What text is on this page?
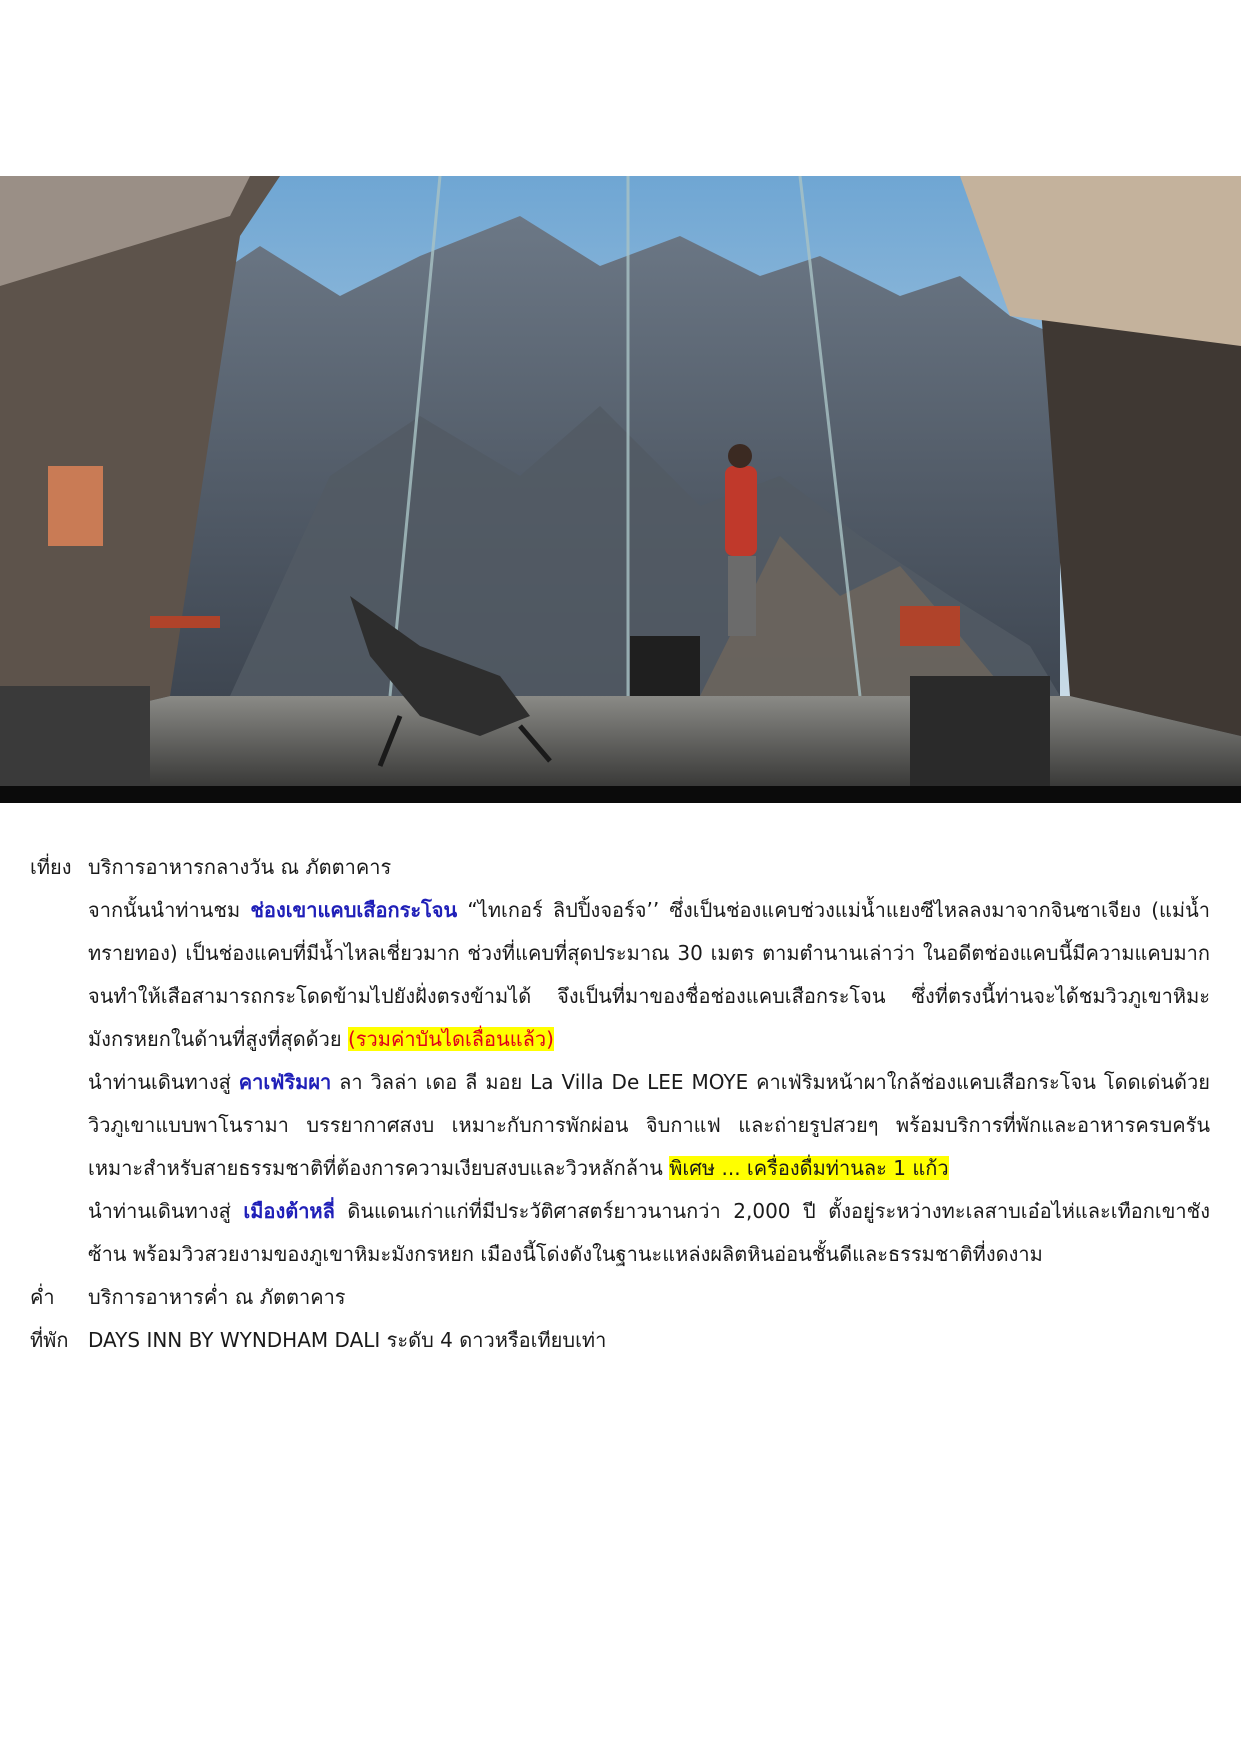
เที่ยง บริการอาหารกลางวัน ณ ภัตตาคาร
จากนั้นนำท่านชม ช่องเขาแคบเสือกระโจน “ไทเกอร์ ลิปปิ้งจอร์จ’’ ซึ่งเป็นช่องแคบช่วงแม่น้ำแยงซีไหลลงมาจากจินซาเจียง (แม่น้ำทรายทอง) เป็นช่องแคบที่มีน้ำไหลเชี่ยวมาก ช่วงที่แคบที่สุดประมาณ 30 เมตร ตามตำนานเล่าว่า ในอดีตช่องแคบนี้มีความแคบมาก จนทำให้เสือสามารถกระโดดข้ามไปยังฝั่งตรงข้ามได้ จึงเป็นที่มาของชื่อช่องแคบเสือกระโจน ซึ่งที่ตรงนี้ท่านจะได้ชมวิวภูเขาหิมะมังกรหยกในด้านที่สูงที่สุดด้วย (รวมค่าบันไดเลื่อนแล้ว)
นำท่านเดินทางสู่ คาเฟ่ริมผา ลา วิลล่า เดอ ลี มอย La Villa De LEE MOYE คาเฟ่ริมหน้าผาใกล้ช่องแคบเสือกระโจน โดดเด่นด้วยวิวภูเขาแบบพาโนรามา บรรยากาศสงบ เหมาะกับการพักผ่อน จิบกาแฟ และถ่ายรูปสวยๆ พร้อมบริการที่พักและอาหารครบครัน เหมาะสำหรับสายธรรมชาติที่ต้องการความเงียบสงบและวิวหลักล้าน พิเศษ ... เครื่องดื่มท่านละ 1 แก้ว
นำท่านเดินทางสู่ เมืองต้าหลี่ ดินแดนเก่าแก่ที่มีประวัติศาสตร์ยาวนานกว่า 2,000 ปี ตั้งอยู่ระหว่างทะเลสาบเอ๋อไห่และเทือกเขาชังซ้าน พร้อมวิวสวยงามของภูเขาหิมะมังกรหยก เมืองนี้โด่งดังในฐานะแหล่งผลิตหินอ่อนชั้นดีและธรรมชาติที่งดงาม
ค่ำ	บริการอาหารค่ำ ณ ภัตตาคาร
ที่พัก DAYS INN BY WYNDHAM DALI ระดับ 4 ดาวหรือเทียบเท่า
